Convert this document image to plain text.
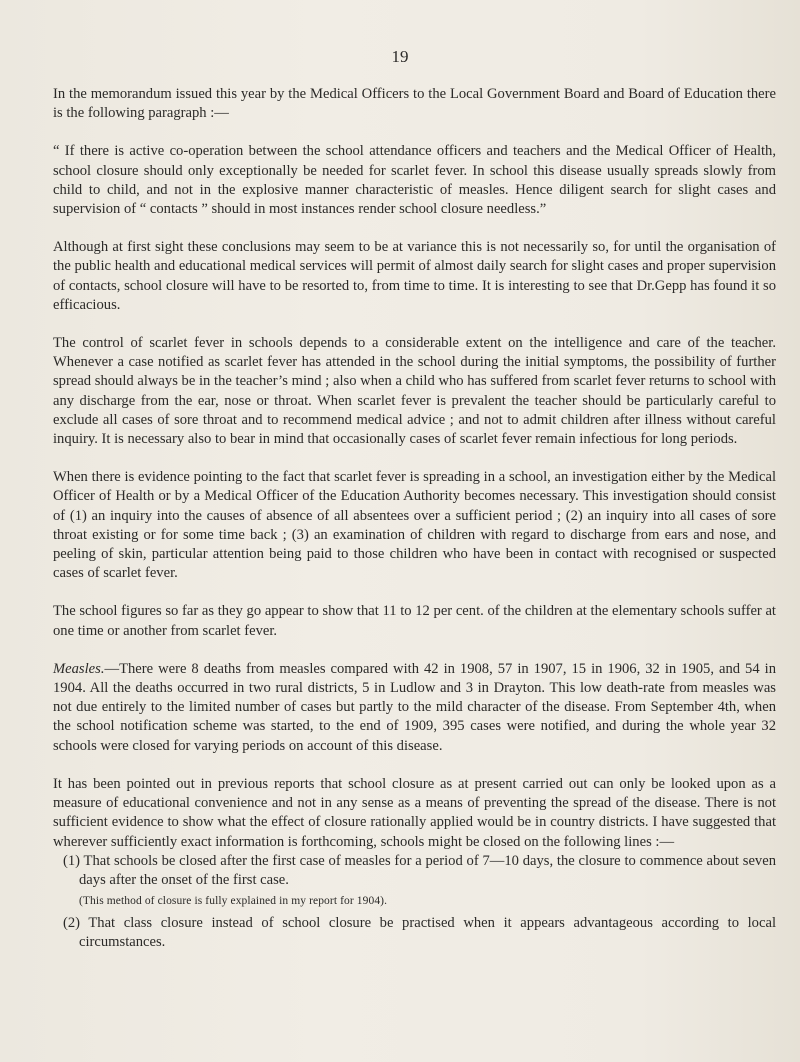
19

In the memorandum issued this year by the Medical Officers to the Local Government Board and Board of Education there is the following paragraph :—

“ If there is active co-operation between the school attendance officers and teachers and the Medical Officer of Health, school closure should only exceptionally be needed for scarlet fever. In school this disease usually spreads slowly from child to child, and not in the explosive manner characteristic of measles. Hence diligent search for slight cases and supervision of “ contacts ” should in most instances render school closure needless.”

Although at first sight these conclusions may seem to be at variance this is not necessarily so, for until the organisation of the public health and educational medical services will permit of almost daily search for slight cases and proper supervision of contacts, school closure will have to be resorted to, from time to time. It is interesting to see that Dr.Gepp has found it so efficacious.

The control of scarlet fever in schools depends to a considerable extent on the intelligence and care of the teacher. Whenever a case notified as scarlet fever has attended in the school during the initial symptoms, the possibility of further spread should always be in the teacher’s mind ; also when a child who has suffered from scarlet fever returns to school with any discharge from the ear, nose or throat. When scarlet fever is prevalent the teacher should be particularly careful to exclude all cases of sore throat and to recommend medical advice ; and not to admit children after illness without careful inquiry. It is necessary also to bear in mind that occasionally cases of scarlet fever remain infectious for long periods.

When there is evidence pointing to the fact that scarlet fever is spreading in a school, an investigation either by the Medical Officer of Health or by a Medical Officer of the Education Authority becomes necessary. This investigation should consist of (1) an inquiry into the causes of absence of all absentees over a sufficient period ; (2) an inquiry into all cases of sore throat existing or for some time back ; (3) an examination of children with regard to discharge from ears and nose, and peeling of skin, particular attention being paid to those children who have been in contact with recognised or suspected cases of scarlet fever.

The school figures so far as they go appear to show that 11 to 12 per cent. of the children at the elementary schools suffer at one time or another from scarlet fever.

Measles.—There were 8 deaths from measles compared with 42 in 1908, 57 in 1907, 15 in 1906, 32 in 1905, and 54 in 1904. All the deaths occurred in two rural districts, 5 in Ludlow and 3 in Drayton. This low death-rate from measles was not due entirely to the limited number of cases but partly to the mild character of the disease. From September 4th, when the school notification scheme was started, to the end of 1909, 395 cases were notified, and during the whole year 32 schools were closed for varying periods on account of this disease.

It has been pointed out in previous reports that school closure as at present carried out can only be looked upon as a measure of educational convenience and not in any sense as a means of preventing the spread of the disease. There is not sufficient evidence to show what the effect of closure rationally applied would be in country districts. I have suggested that wherever sufficiently exact information is forthcoming, schools might be closed on the following lines :—

(1) That schools be closed after the first case of measles for a period of 7—10 days, the closure to commence about seven days after the onset of the first case.

(This method of closure is fully explained in my report for 1904).

(2) That class closure instead of school closure be practised when it appears advantageous according to local circumstances.
